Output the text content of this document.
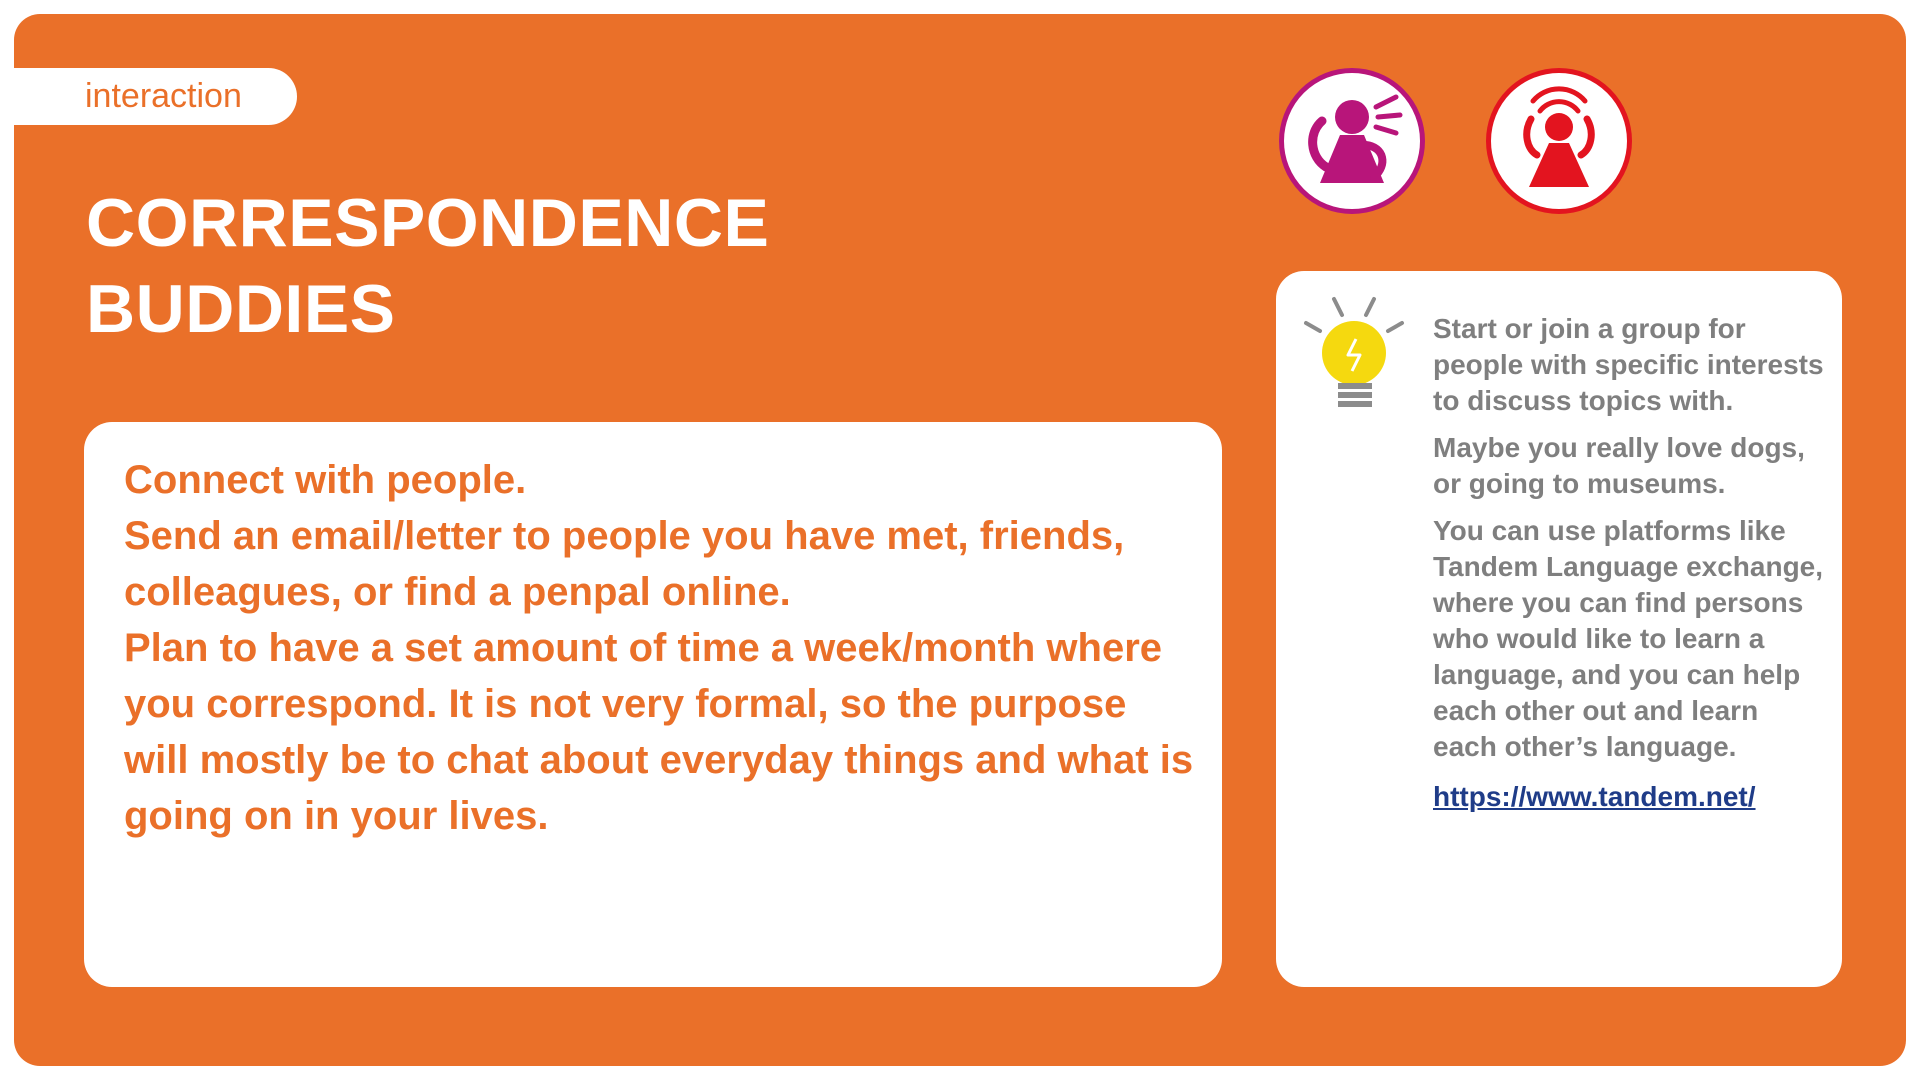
interaction
CORRESPONDENCE
BUDDIES

Connect with people.

Send an email/letter to people you have met, friends, colleagues, or find a penpal online.

Plan to have a set amount of time a week/month where you correspond. It is not very formal, so the purpose will mostly be to chat about everyday things and what is going on in your lives.

Start or join a group for people with specific interests to discuss topics with.

Maybe you really love dogs, or going to museums.

You can use platforms like Tandem Language exchange, where you can find persons who would like to learn a language, and you can help each other out and learn each other’s language.

https://www.tandem.net/
